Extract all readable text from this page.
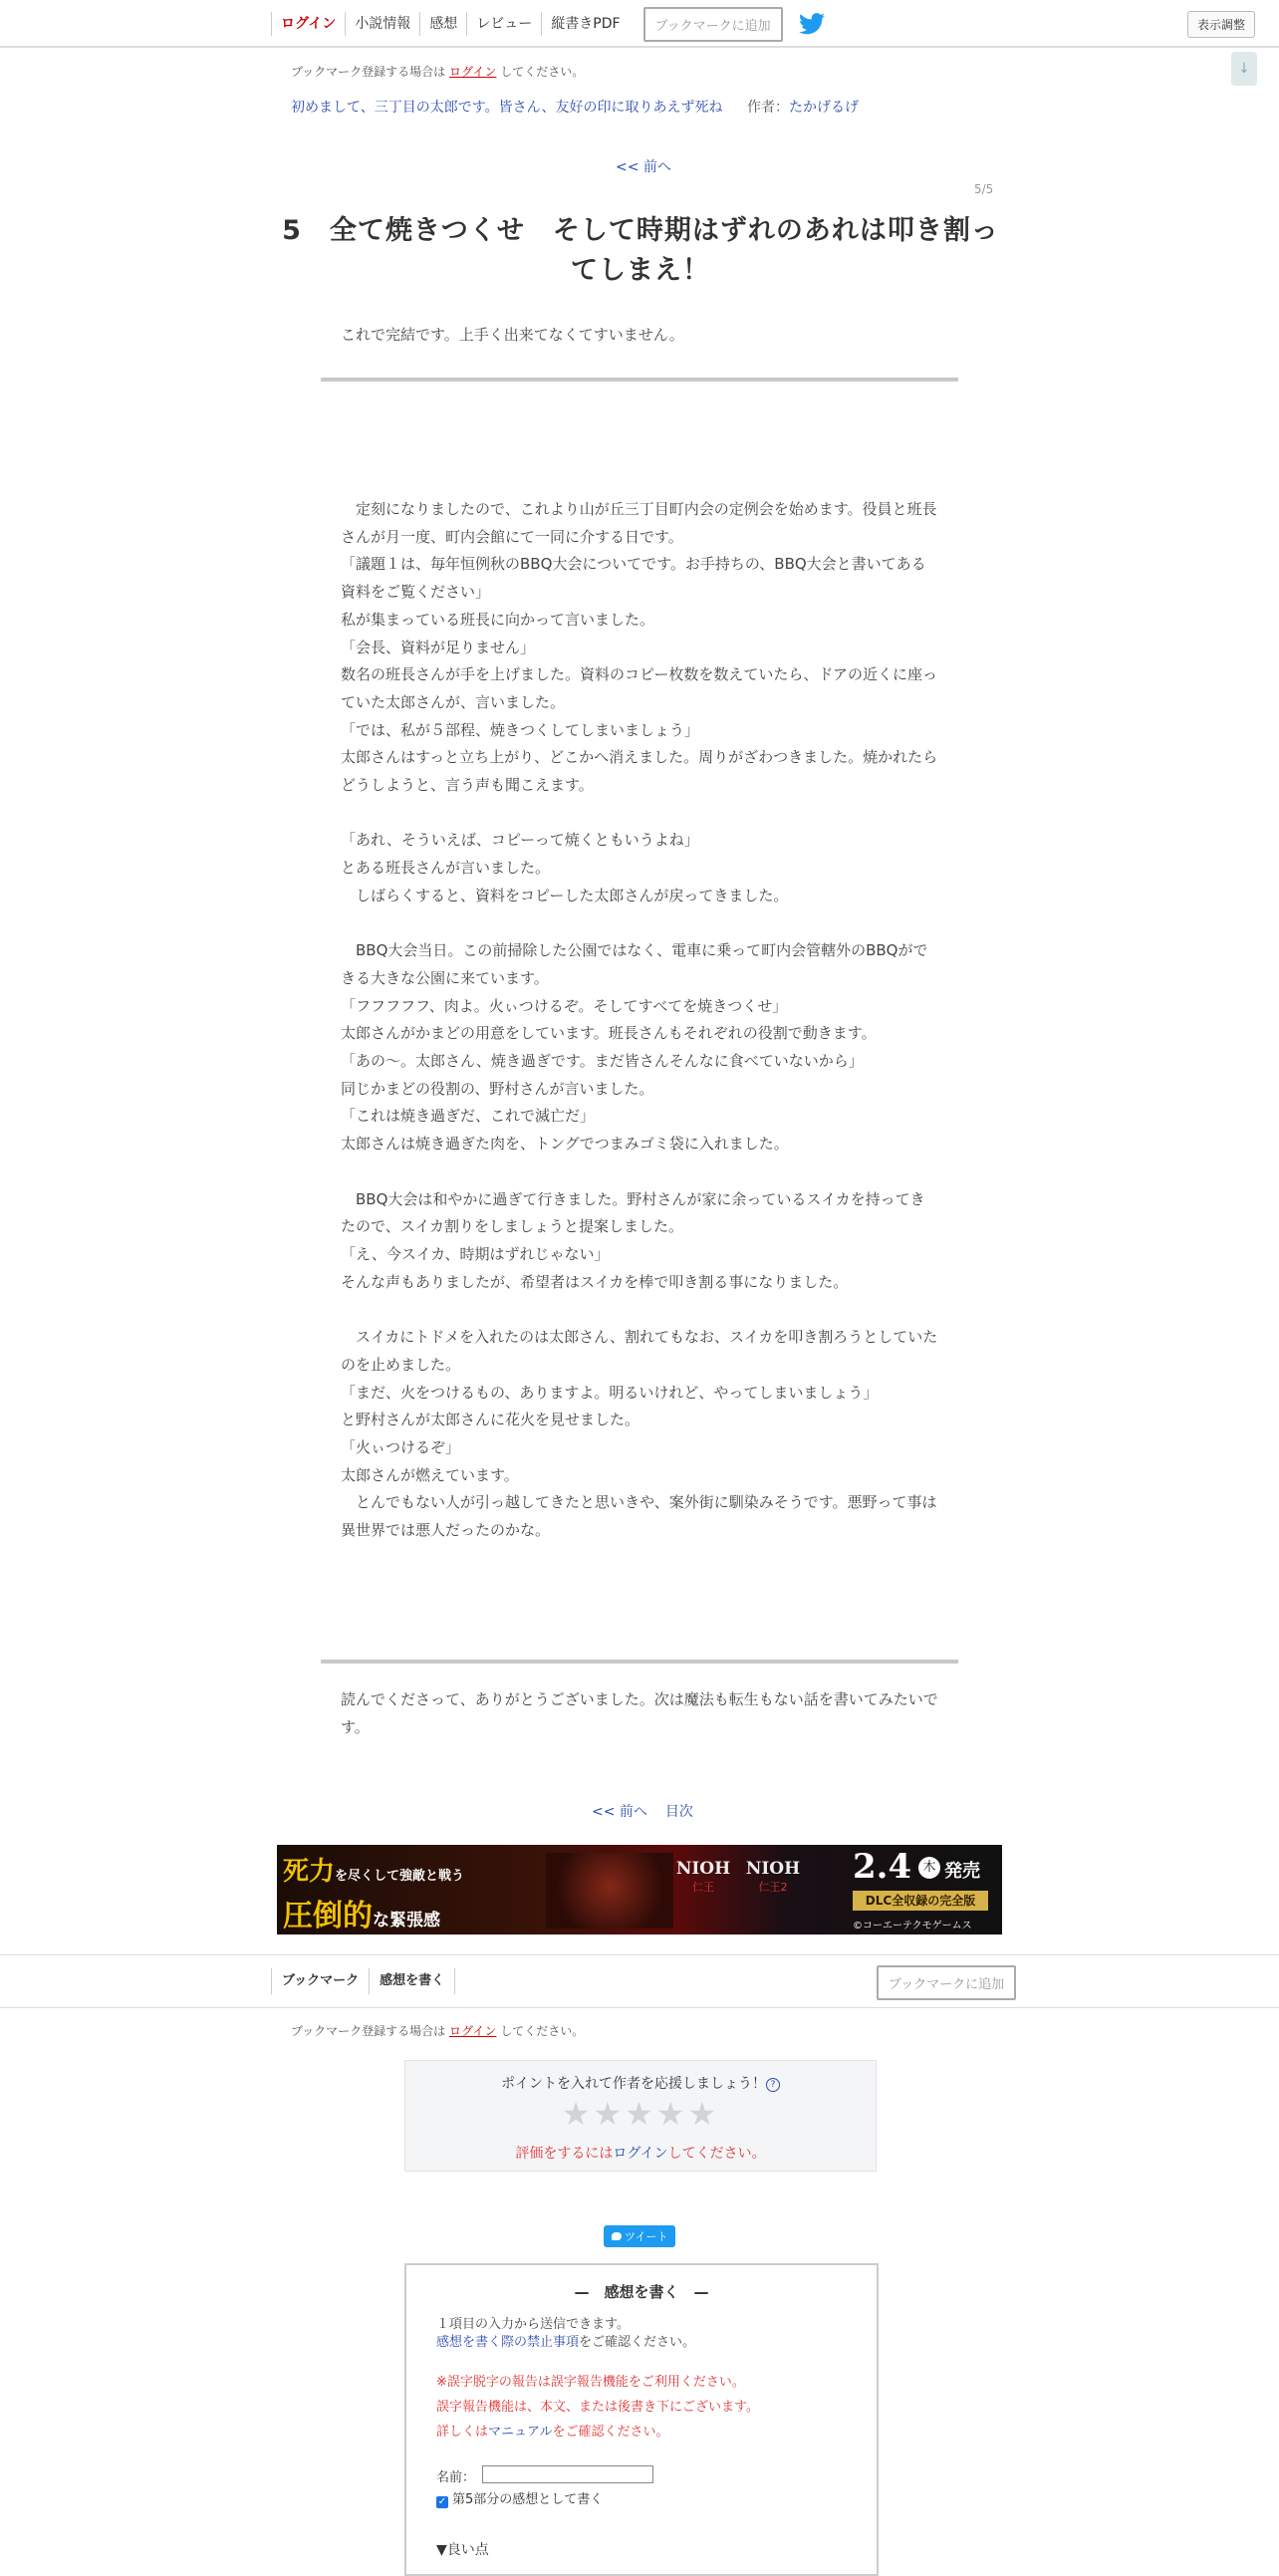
ログイン	小説情報	感想	レビュー	縦書きPDF	ブックマークに追加	表示調整
↓
ブックマーク登録する場合は ログイン してください。
初めまして、三丁目の太郎です。皆さん、友好の印に取りあえず死ね 作者：たかげるげ
<< 前へ
5/5
5　全て焼きつくせ　そして時期はずれのあれは叩き割ってしまえ！
これで完結です。上手く出来てなくてすいません。
　定刻になりましたので、これより山が丘三丁目町内会の定例会を始めます。役員と班長さんが月一度、町内会館にて一同に介する日です。
「議題１は、毎年恒例秋のBBQ大会についてです。お手持ちの、BBQ大会と書いてある資料をご覧ください」
私が集まっている班長に向かって言いました。
「会長、資料が足りません」
数名の班長さんが手を上げました。資料のコピー枚数を数えていたら、ドアの近くに座っていた太郎さんが、言いました。
「では、私が５部程、焼きつくしてしまいましょう」
太郎さんはすっと立ち上がり、どこかへ消えました。周りがざわつきました。焼かれたらどうしようと、言う声も聞こえます。

「あれ、そういえば、コピーって焼くともいうよね」
とある班長さんが言いました。
　しばらくすると、資料をコピーした太郎さんが戻ってきました。

　BBQ大会当日。この前掃除した公園ではなく、電車に乗って町内会管轄外のBBQができる大きな公園に来ています。
「フフフフフ、肉よ。火ぃつけるぞ。そしてすべてを焼きつくせ」
太郎さんがかまどの用意をしています。班長さんもそれぞれの役割で動きます。
「あの〜。太郎さん、焼き過ぎです。まだ皆さんそんなに食べていないから」
同じかまどの役割の、野村さんが言いました。
「これは焼き過ぎだ、これで滅亡だ」
太郎さんは焼き過ぎた肉を、トングでつまみゴミ袋に入れました。

　BBQ大会は和やかに過ぎて行きました。野村さんが家に余っているスイカを持ってきたので、スイカ割りをしましょうと提案しました。
「え、今スイカ、時期はずれじゃない」
そんな声もありましたが、希望者はスイカを棒で叩き割る事になりました。

　スイカにトドメを入れたのは太郎さん、割れてもなお、スイカを叩き割ろうとしていたのを止めました。
「まだ、火をつけるもの、ありますよ。明るいけれど、やってしまいましょう」
と野村さんが太郎さんに花火を見せました。
「火ぃつけるぞ」
太郎さんが燃えています。
　とんでもない人が引っ越してきたと思いきや、案外街に馴染みそうです。悪野って事は異世界では悪人だったのかな。
読んでくださって、ありがとうございました。次は魔法も転生もない話を書いてみたいです。
<< 前へ 目次
死力を尽くして強敵と戦う
圧倒的な緊張感
NIOH
仁王
NIOH
仁王2
2.4 木 発売
DLC全収録の完全版
©コーエーテクモゲームス
ブックマーク	感想を書く	ブックマークに追加
ブックマーク登録する場合は ログイン してください。
ポイントを入れて作者を応援しましょう！ ?
★★★★★
評価をするにはログインしてください。
ツイート
—　感想を書く　—
１項目の入力から送信できます。
感想を書く際の禁止事項をご確認ください。
※誤字脱字の報告は誤字報告機能をご利用ください。
誤字報告機能は、本文、または後書き下にございます。
詳しくはマニュアルをご確認ください。
名前：
✓ 第5部分の感想として書く
▼良い点
